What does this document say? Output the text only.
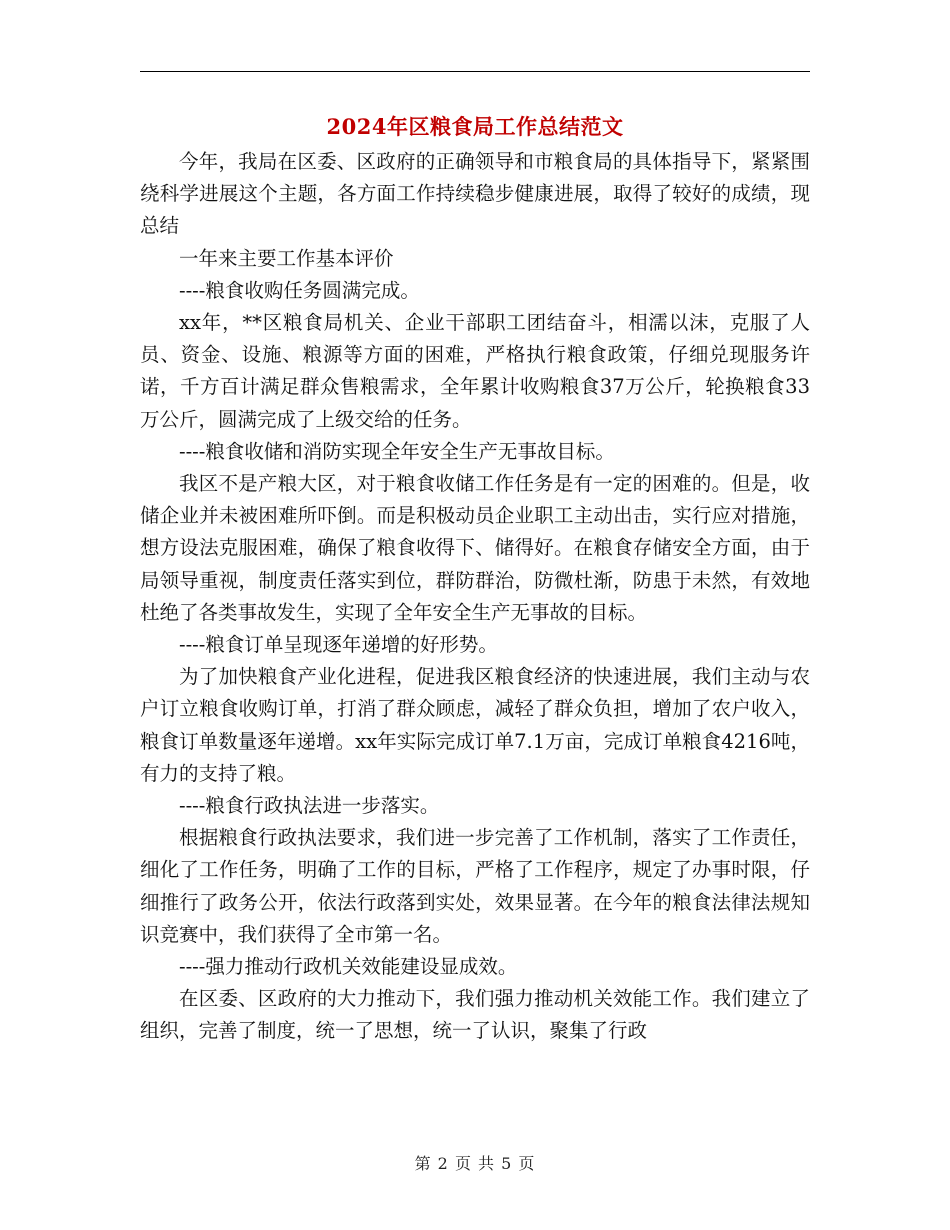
2024年区粮食局工作总结范文

今年，我局在区委、区政府的正确领导和市粮食局的具体指导下，紧紧围绕科学进展这个主题，各方面工作持续稳步健康进展，取得了较好的成绩，现总结

一年来主要工作基本评价

----粮食收购任务圆满完成。

xx年，**区粮食局机关、企业干部职工团结奋斗，相濡以沫，克服了人员、资金、设施、粮源等方面的困难，严格执行粮食政策，仔细兑现服务许诺，千方百计满足群众售粮需求，全年累计收购粮食37万公斤，轮换粮食33万公斤，圆满完成了上级交给的任务。

----粮食收储和消防实现全年安全生产无事故目标。

我区不是产粮大区，对于粮食收储工作任务是有一定的困难的。但是，收储企业并未被困难所吓倒。而是积极动员企业职工主动出击，实行应对措施，想方设法克服困难，确保了粮食收得下、储得好。在粮食存储安全方面，由于局领导重视，制度责任落实到位，群防群治，防微杜渐，防患于未然，有效地杜绝了各类事故发生，实现了全年安全生产无事故的目标。

----粮食订单呈现逐年递增的好形势。

为了加快粮食产业化进程，促进我区粮食经济的快速进展，我们主动与农户订立粮食收购订单，打消了群众顾虑，减轻了群众负担，增加了农户收入，粮食订单数量逐年递增。xx年实际完成订单7.1万亩，完成订单粮食4216吨，有力的支持了粮。

----粮食行政执法进一步落实。

根据粮食行政执法要求，我们进一步完善了工作机制，落实了工作责任，细化了工作任务，明确了工作的目标，严格了工作程序，规定了办事时限，仔细推行了政务公开，依法行政落到实处，效果显著。在今年的粮食法律法规知识竞赛中，我们获得了全市第一名。

----强力推动行政机关效能建设显成效。

在区委、区政府的大力推动下，我们强力推动机关效能工作。我们建立了组织，完善了制度，统一了思想，统一了认识，聚集了行政

第 2 页 共 5 页
